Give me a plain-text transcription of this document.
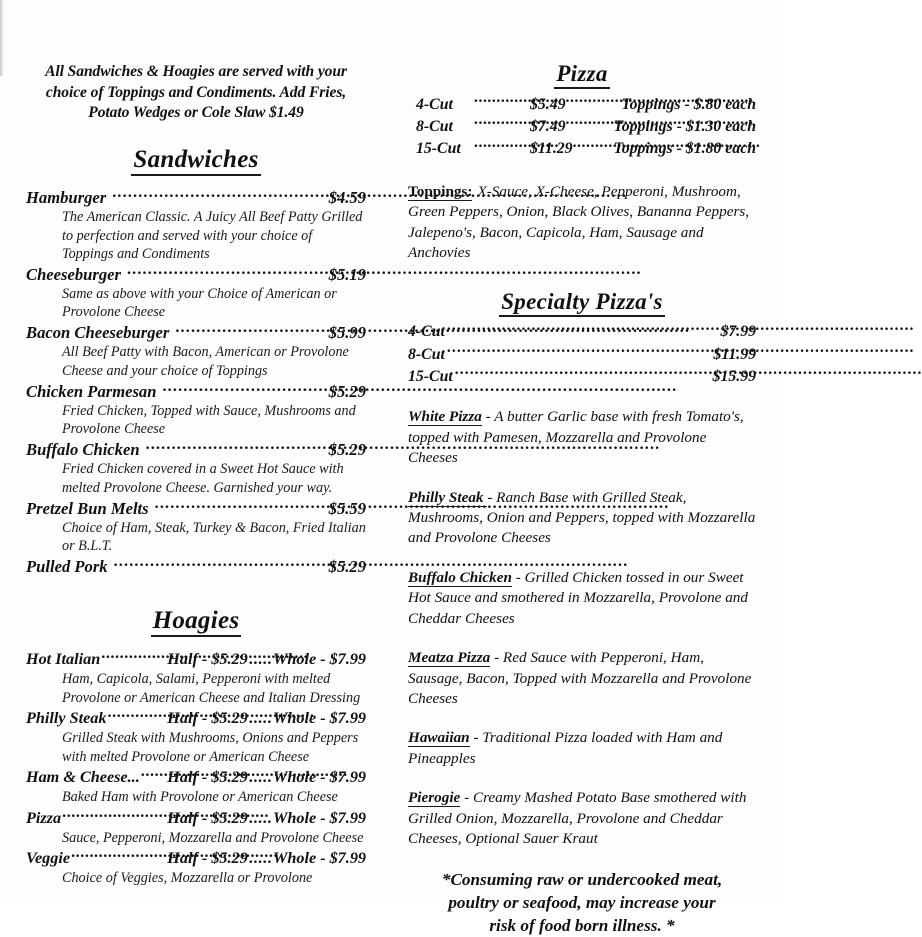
All Sandwiches & Hoagies are served with your
choice of Toppings and Condiments. Add Fries,
Potato Wedges or Cole Slaw $1.49
Sandwiches
Hamburger .....	$4.59
The American Classic. A Juicy All Beef Patty Grilled to perfection and served with your choice of Toppings and Condiments
Cheeseburger .....	$5.19
Same as above with your Choice of American or Provolone Cheese
Bacon Cheeseburger .....	$5.99
All Beef Patty with Bacon, American or Provolone Cheese and your choice of Toppings
Chicken Parmesan .....	$5.29
Fried Chicken, Topped with Sauce, Mushrooms and Provolone Cheese
Buffalo Chicken .....	$5.29
Fried Chicken covered in a Sweet Hot Sauce with melted Provolone Cheese. Garnished your way.
Pretzel Bun Melts .....	$5.59
Choice of Ham, Steak, Turkey & Bacon, Fried Italian or B.L.T.
Pulled Pork .....	$5.29
Hoagies
Hot Italian .....	Half - $5.29 ..... Whole - $7.99
Ham, Capicola, Salami, Pepperoni with melted Provolone or American Cheese and Italian Dressing
Philly Steak .....	Half - $5.29 ..... Whole - $7.99
Grilled Steak with Mushrooms, Onions and Peppers with melted Provolone or American Cheese
Ham & Cheese... ..... Half - $5.29 ..... Whole - $7.99
Baked Ham with Provolone or American Cheese
Pizza .....	Half - $5.29 ..... Whole - $7.99
Sauce, Pepperoni, Mozzarella and Provolone Cheese
Veggie .....	Half - $5.29 ..... Whole - $7.99
Choice of Veggies, Mozzarella or Provolone
Pizza
4-Cut .....	$5.49 .....	Toppings - $.80 each
8-Cut .....	$7.49 .....	Toppings - $1.30 each
15-Cut .....	$11.29 .....	Toppings - $1.80 each
Toppings: X-Sauce, X-Cheese, Pepperoni, Mushroom, Green Peppers, Onion, Black Olives, Bananna Peppers, Jalepeno's, Bacon, Capicola, Ham, Sausage and Anchovies
Specialty Pizza's
4-Cut .....	$7.99
8-Cut .....	$11.99
15-Cut .....	$15.99
White Pizza - A butter Garlic base with fresh Tomato's, topped with Pamesen, Mozzarella and Provolone Cheeses
Philly Steak - Ranch Base with Grilled Steak, Mushrooms, Onion and Peppers, topped with Mozzarella and Provolone Cheeses
Buffalo Chicken - Grilled Chicken tossed in our Sweet Hot Sauce and smothered in Mozzarella, Provolone and Cheddar Cheeses
Meatza Pizza - Red Sauce with Pepperoni, Ham, Sausage, Bacon, Topped with Mozzarella and Provolone Cheeses
Hawaiian - Traditional Pizza loaded with Ham and Pineapples
Pierogie - Creamy Mashed Potato Base smothered with Grilled Onion, Mozzarella, Provolone and Cheddar Cheeses, Optional Sauer Kraut
*Consuming raw or undercooked meat,
poultry or seafood, may increase your
risk of food born illness. *
